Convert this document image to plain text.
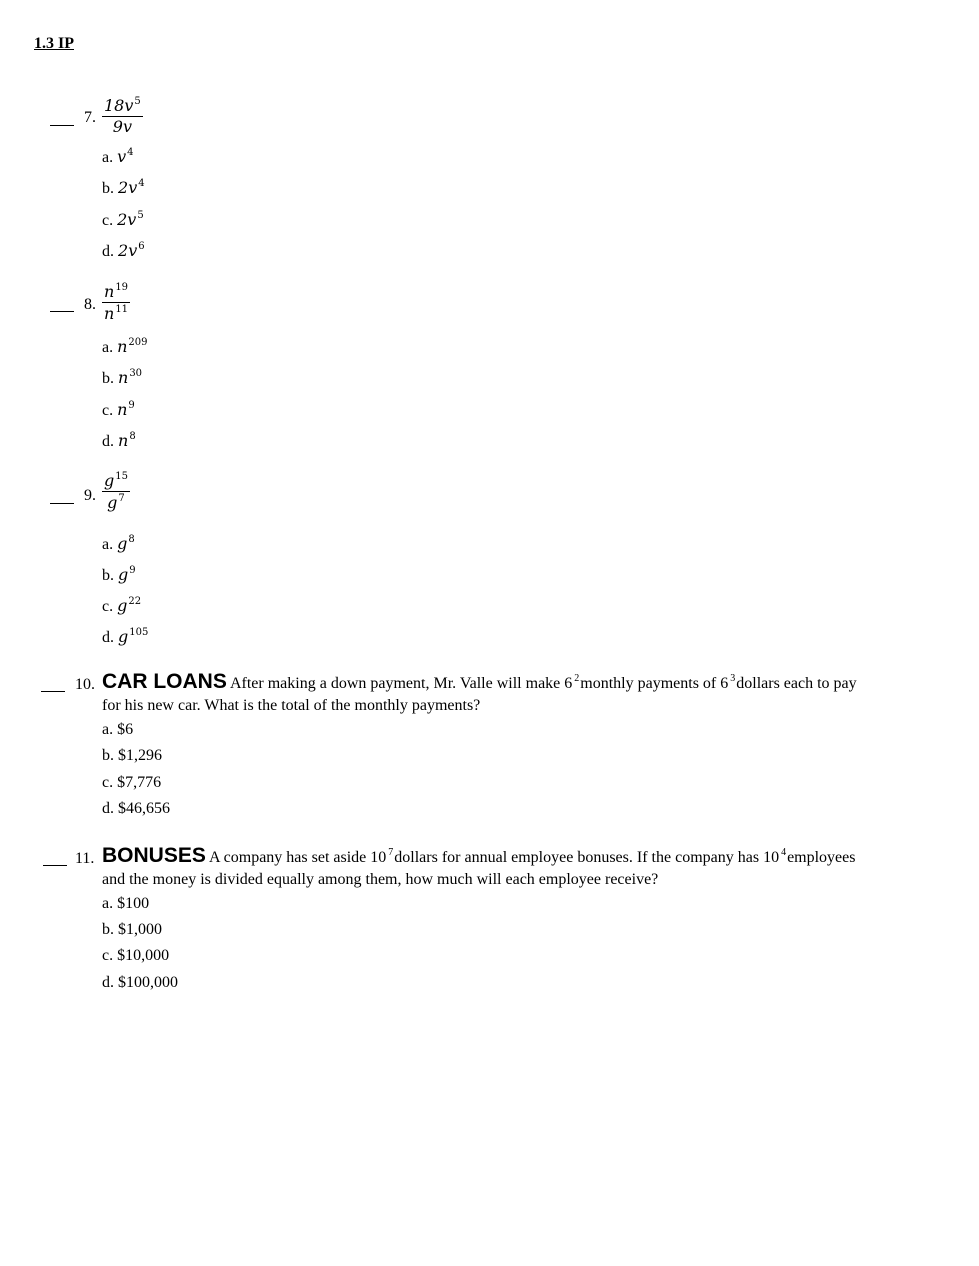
1.3 IP
7. $\frac{18v^5}{9v}$
a. $v^4$
b. $2v^4$
c. $2v^5$
d. $2v^6$
8. $\frac{n^{19}}{n^{11}}$
a. $n^{209}$
b. $n^{30}$
c. $n^9$
d. $n^8$
9. $\frac{g^{15}}{g^7}$
a. $g^8$
b. $g^9$
c. $g^{22}$
d. $g^{105}$
10. CAR LOANS After making a down payment, Mr. Valle will make 6 2 monthly payments of 6 3 dollars each to pay
for his new car. What is the total of the monthly payments?
a. $6
b. $1,296
c. $7,776
d. $46,656
11. BONUSES A company has set aside 10 7 dollars for annual employee bonuses. If the company has 10 4 employees
and the money is divided equally among them, how much will each employee receive?
a. $100
b. $1,000
c. $10,000
d. $100,000
